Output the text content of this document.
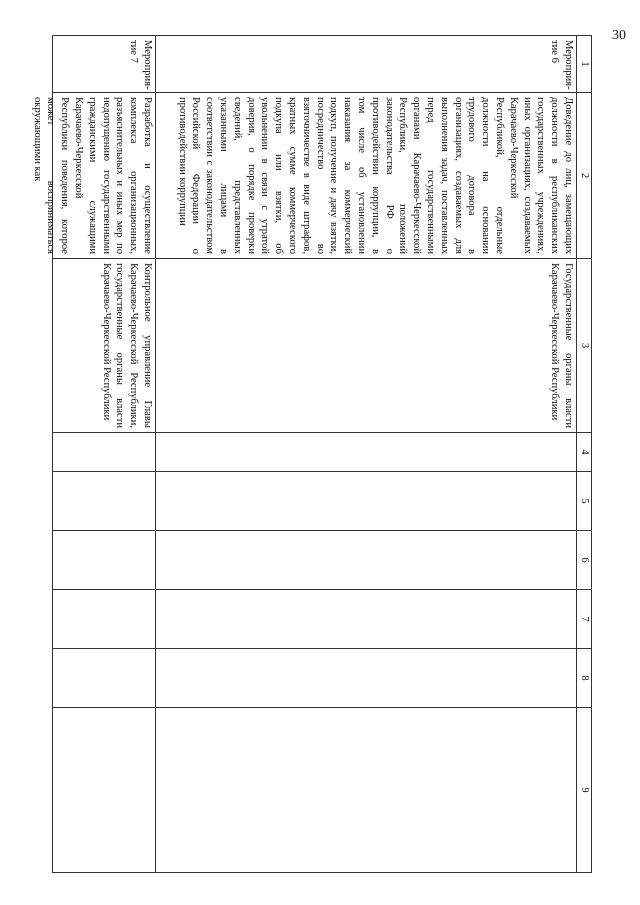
30
1	2	3	4	5	6	7	8	9
Мероприя-тие 6	Доведение до лиц, замещающих должности в республиканских государственных учреждениях, иных организациях, создаваемых Карачаево-Черкесской Республикой, отдельные должности на основании трудового договора в организациях, создаваемых для выполнения задач, поставленных перед государственными органами Карачаево-Черкесской Республики, положений законодательства РФ о противодействии коррупции, в том числе об установлении наказания за коммерческий подкуп, получение и дачу взятки, посредничество во взяточничестве в виде штрафов, кратных сумме коммерческого подкупа или взятки, об увольнении в связи с утратой доверия, о порядке проверки сведений, представленных указанными лицами в соответствии с законодательством Российской Федерации о противодействии коррупции	Государственные органы власти Карачаево-Черкесской Республики						
Мероприя-тие 7	Разработка и осуществление комплекса организационных, разъяснительных и иных мер по недопущению государственными гражданскими служащими Карачаево-Черкесской Республики поведения, которое может восприниматься окружающими как	Контрольное управление Главы Карачаево-Черкесской Республики, государственные органы власти Карачаево-Черкесской Республики						
